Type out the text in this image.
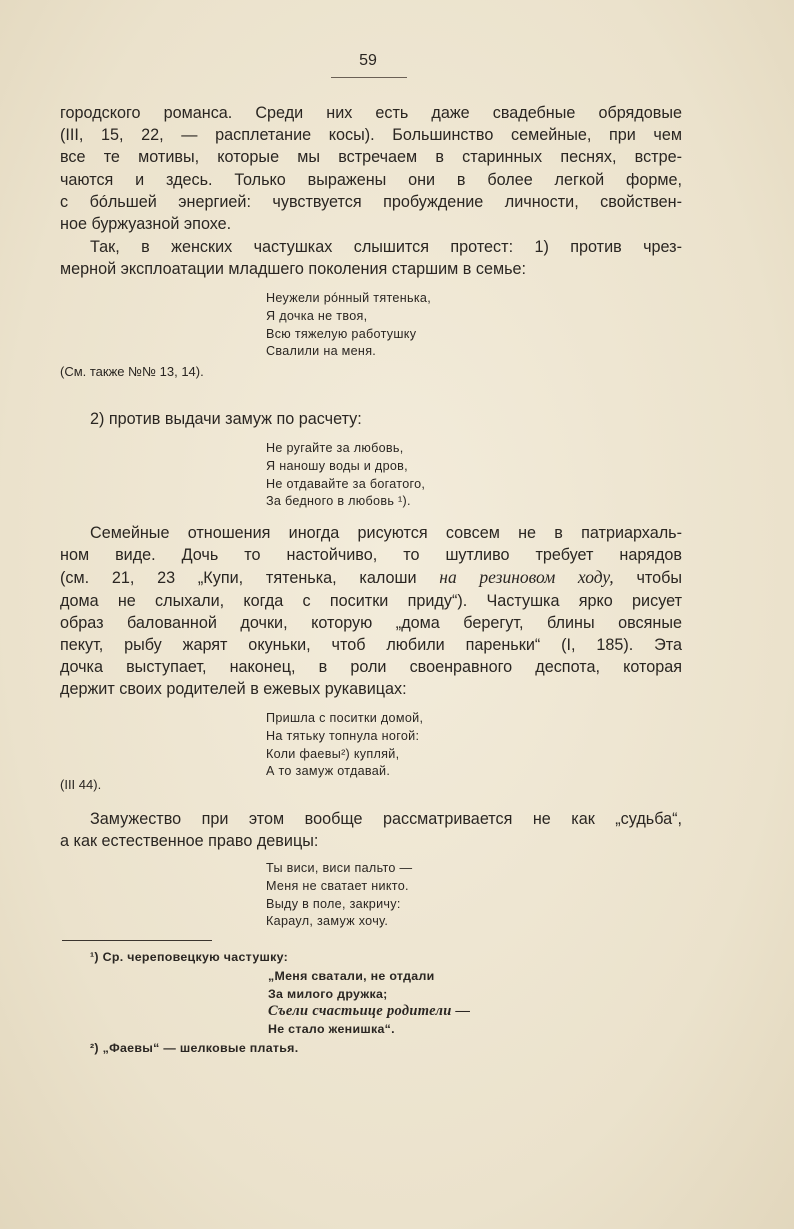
59
городского романса. Среди них есть даже свадебные обрядовые
(III, 15, 22, — расплетание косы). Большинство семейные, при чем
все те мотивы, которые мы встречаем в старинных песнях, встре-
чаются и здесь. Только выражены они в более легкой форме,
с бóльшей энергией: чувствуется пробуждение личности, свойствен-
ное буржуазной эпохе.
Так, в женских частушках слышится протест: 1) против чрез-
мерной эксплоатации младшего поколения старшим в семье:
Неужели рóнный тятенька,
Я дочка не твоя,
Всю тяжелую работушку
Свалили на меня.
(См. также №№ 13, 14).
2) против выдачи замуж по расчету:
Не ругайте за любовь,
Я наношу воды и дров,
Не отдавайте за богатого,
За бедного в любовь ¹).
Семейные отношения иногда рисуются совсем не в патриархаль-
ном виде. Дочь то настойчиво, то шутливо требует нарядов
(см. 21, 23 „Купи, тятенька, калоши на резиновом ходу, чтобы
дома не слыхали, когда с поситки приду“). Частушка ярко рисует
образ балованной дочки, которую „дома берегут, блины овсяные
пекут, рыбу жарят окуньки, чтоб любили пареньки“ (I, 185). Эта
дочка выступает, наконец, в роли своенравного деспота, которая
держит своих родителей в ежевых рукавицах:
Пришла с поситки домой,
На тятьку топнула ногой:
Коли фаевы²) купляй,
А то замуж отдавай.
(III 44).
Замужество при этом вообще рассматривается не как „судьба“,
а как естественное право девицы:
Ты виси, виси пальто —
Меня не сватает никто.
Выду в поле, закричу:
Караул, замуж хочу.
¹) Ср. череповецкую частушку:
„Меня сватали, не отдали
За милого дружка;
Съели счастьице родители —
Не стало женишка“.
²) „Фаевы“ — шелковые платья.
